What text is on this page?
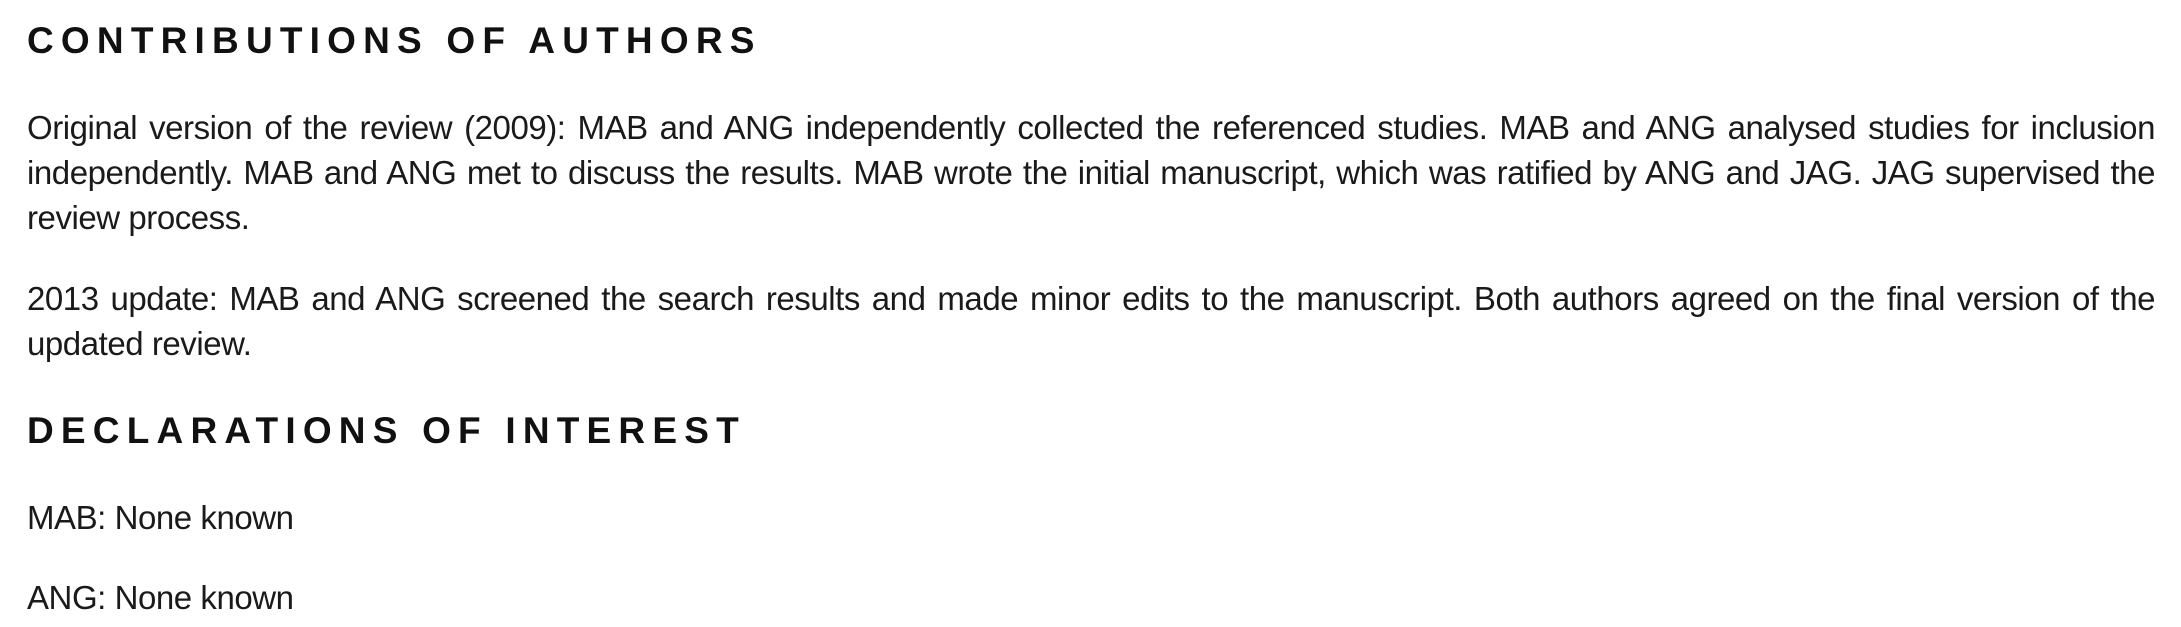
CONTRIBUTIONS OF AUTHORS

Original version of the review (2009): MAB and ANG independently collected the referenced studies. MAB and ANG analysed studies for inclusion independently. MAB and ANG met to discuss the results. MAB wrote the initial manuscript, which was ratified by ANG and JAG. JAG supervised the review process.

2013 update: MAB and ANG screened the search results and made minor edits to the manuscript. Both authors agreed on the final version of the updated review.

DECLARATIONS OF INTEREST

MAB: None known

ANG: None known
